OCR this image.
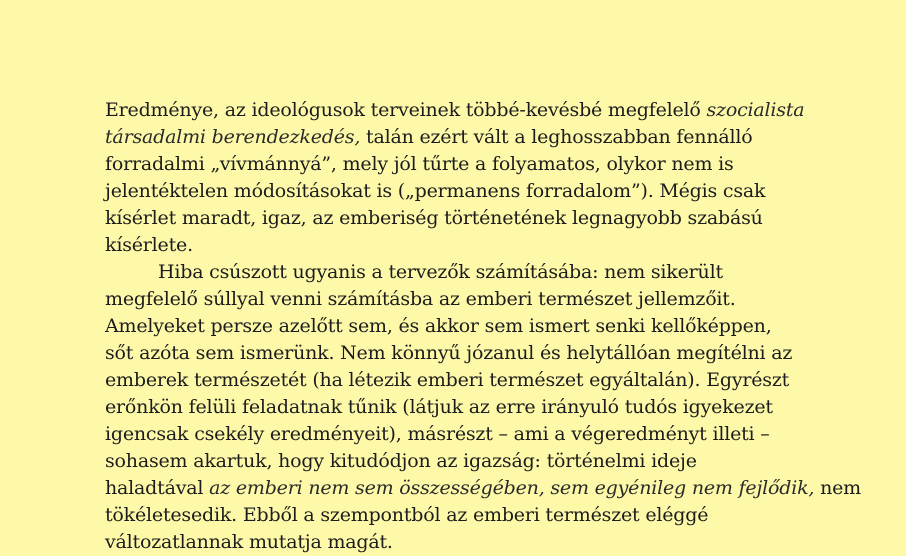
Eredménye, az ideológusok terveinek többé-kevésbé megfelelő szocialista
társadalmi berendezkedés, talán ezért vált a leghosszabban fennálló
forradalmi „vívmánnyá”, mely jól tűrte a folyamatos, olykor nem is
jelentéktelen módosításokat is („permanens forradalom”). Mégis csak
kísérlet maradt, igaz, az emberiség történetének legnagyobb szabású
kísérlete.
Hiba csúszott ugyanis a tervezők számításába: nem sikerült
megfelelő súllyal venni számításba az emberi természet jellemzőit.
Amelyeket persze azelőtt sem, és akkor sem ismert senki kellőképpen,
sőt azóta sem ismerünk. Nem könnyű józanul és helytállóan megítélni az
emberek természetét (ha létezik emberi természet egyáltalán). Egyrészt
erőnkön felüli feladatnak tűnik (látjuk az erre irányuló tudós igyekezet
igencsak csekély eredményeit), másrészt – ami a végeredményt illeti –
sohasem akartuk, hogy kitudódjon az igazság: történelmi ideje
haladtával az emberi nem sem összességében, sem egyénileg nem fejlődik, nem
tökéletesedik. Ebből a szempontból az emberi természet eléggé
változatlannak mutatja magát.
